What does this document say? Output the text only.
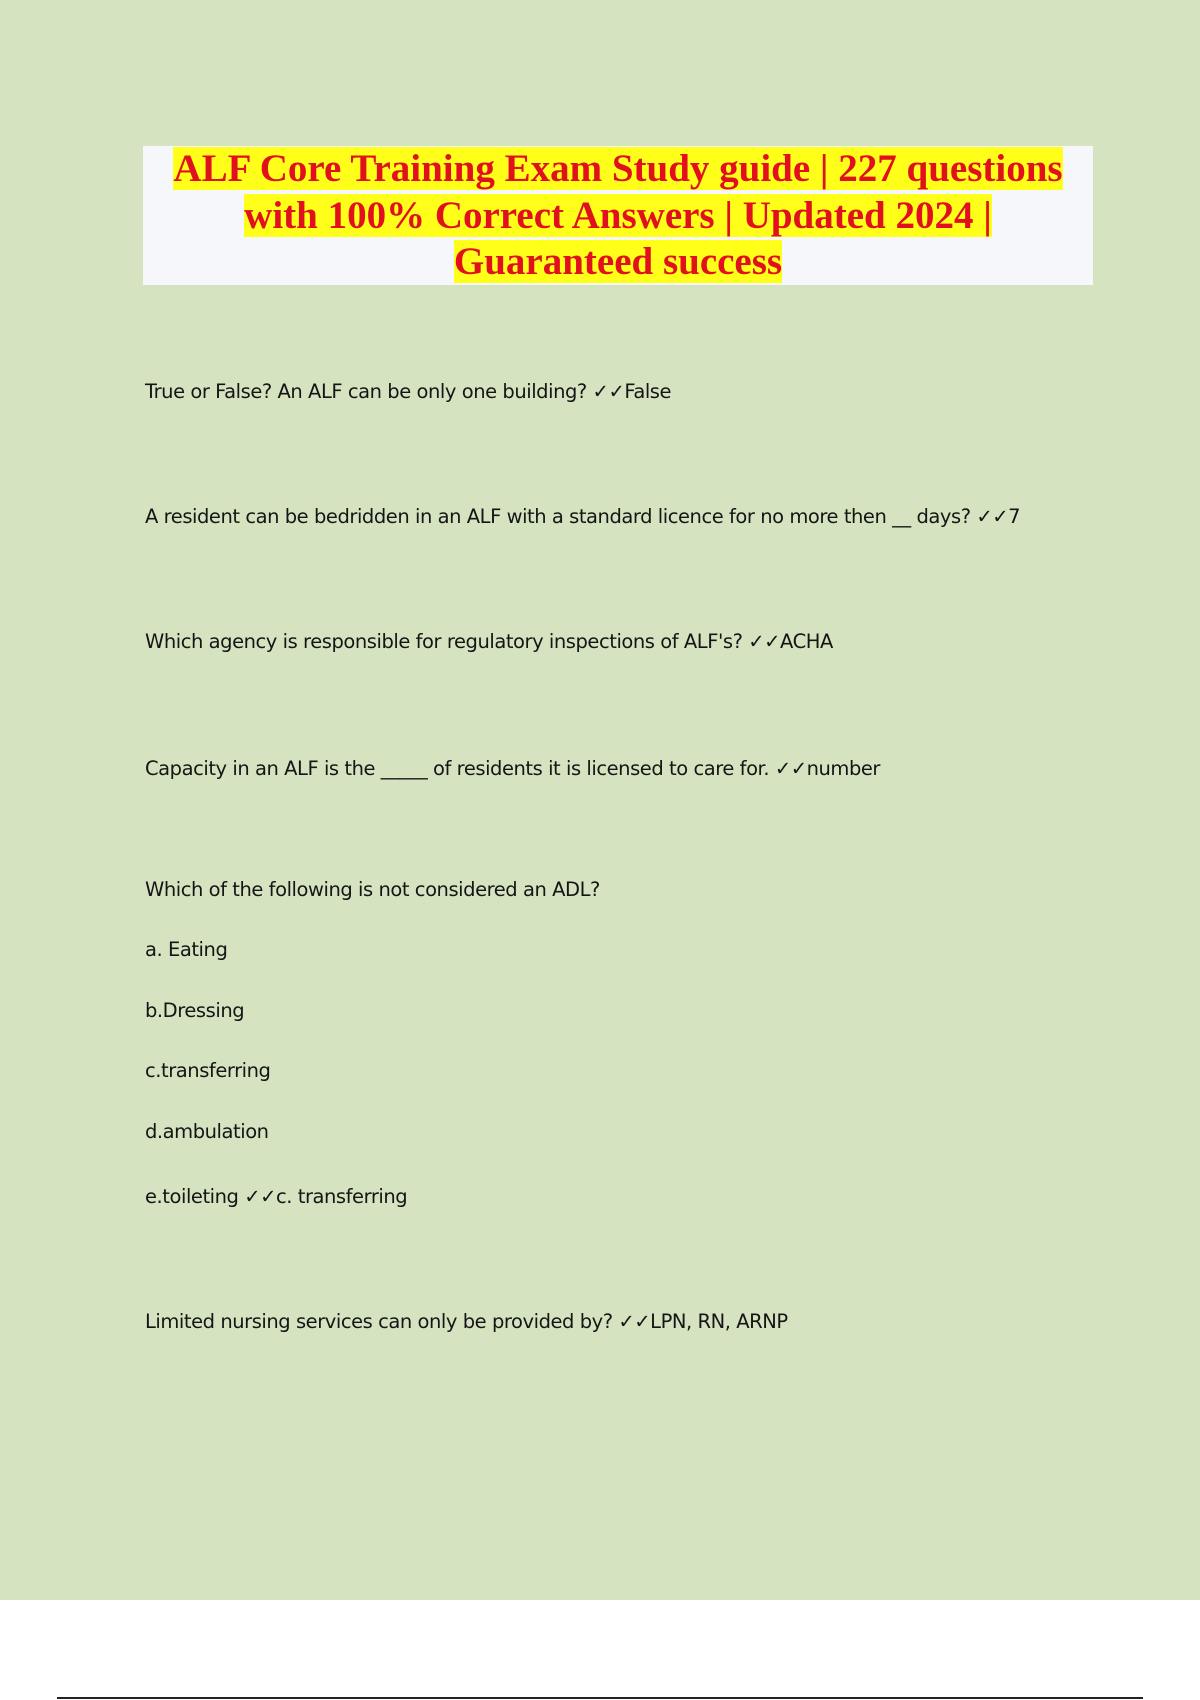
ALF Core Training Exam Study guide | 227 questions with 100% Correct Answers | Updated 2024 | Guaranteed success
True or False? An ALF can be only one building? ✓✓False
A resident can be bedridden in an ALF with a standard licence for no more then __ days? ✓✓7
Which agency is responsible for regulatory inspections of ALF's? ✓✓ACHA
Capacity in an ALF is the _____ of residents it is licensed to care for. ✓✓number
Which of the following is not considered an ADL?
a. Eating
b.Dressing
c.transferring
d.ambulation
e.toileting ✓✓c. transferring
Limited nursing services can only be provided by? ✓✓LPN, RN, ARNP
